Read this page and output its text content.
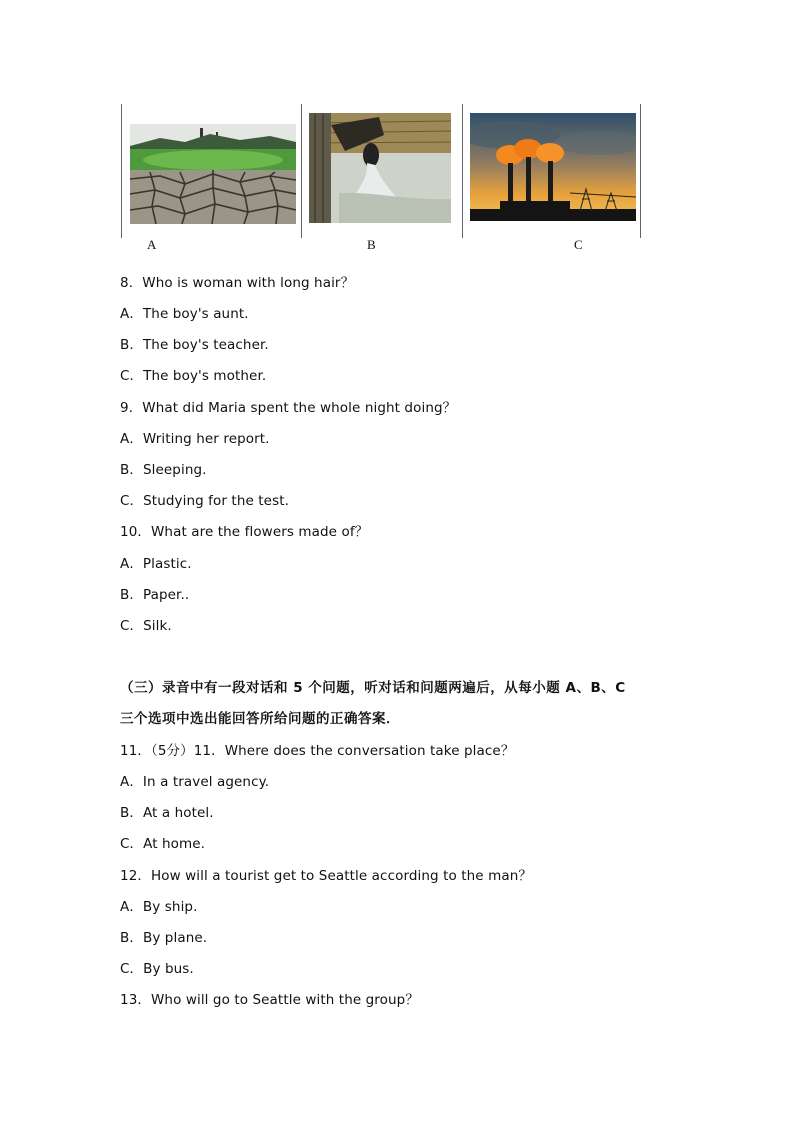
A	B	C
8．Who is woman with long hair？
A．The boy's aunt.
B．The boy's teacher.
C．The boy's mother.
9．What did Maria spent the whole night doing？
A．Writing her report.
B．Sleeping.
C．Studying for the test.
10．What are the flowers made of？
A．Plastic.
B．Paper..
C．Silk.
（三）录音中有一段对话和 5 个问题，听对话和问题两遍后，从每小题 A、B、C
三个选项中选出能回答所给问题的正确答案．
11．（5分）11．Where does the conversation take place？
A．In a travel agency.
B．At a hotel.
C．At home.
12．How will a tourist get to Seattle according to the man？
A．By ship.
B．By plane.
C．By bus.
13．Who will go to Seattle with the group？
